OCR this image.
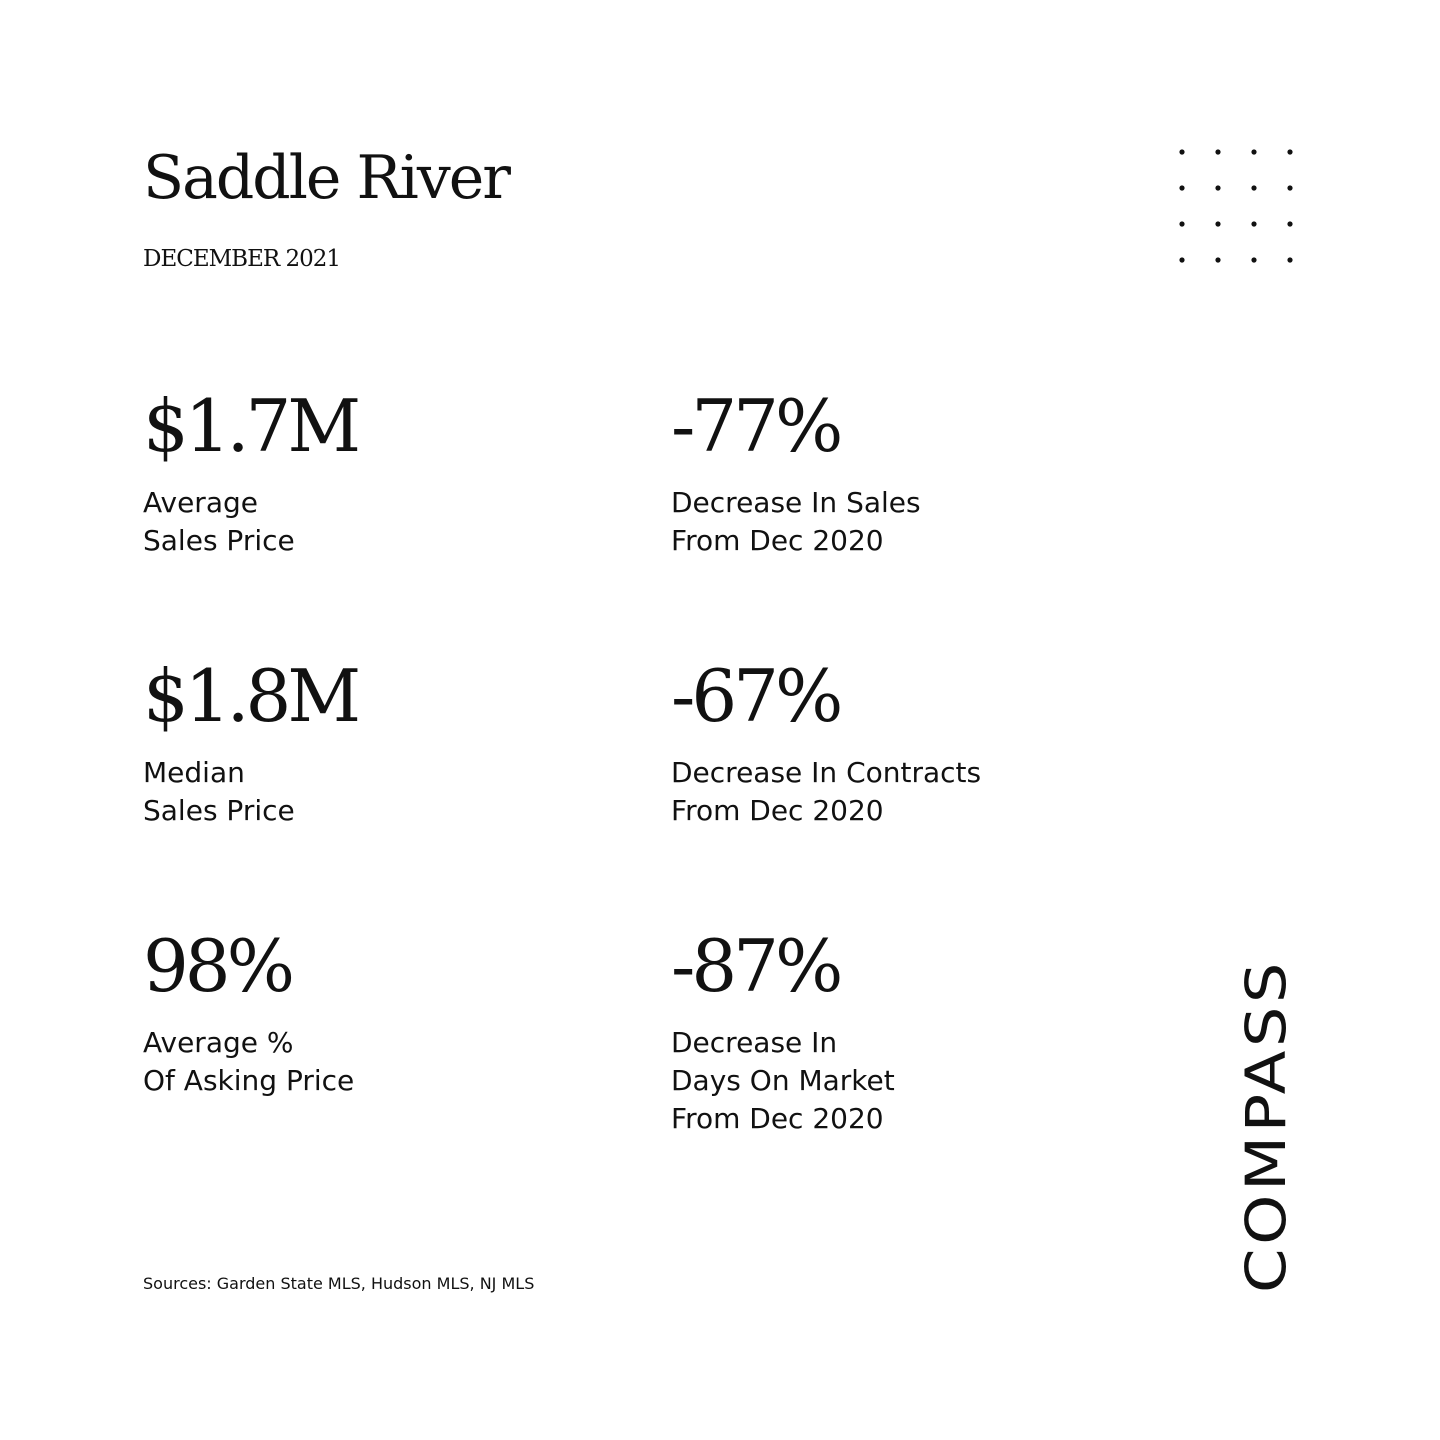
Saddle River
DECEMBER 2021
$1.7M
Average
Sales Price
-77%
Decrease In Sales
From Dec 2020
$1.8M
Median
Sales Price
-67%
Decrease In Contracts
From Dec 2020
98%
Average %
Of Asking Price
-87%
Decrease In
Days On Market
From Dec 2020
Sources: Garden State MLS, Hudson MLS, NJ MLS	COMPASS
